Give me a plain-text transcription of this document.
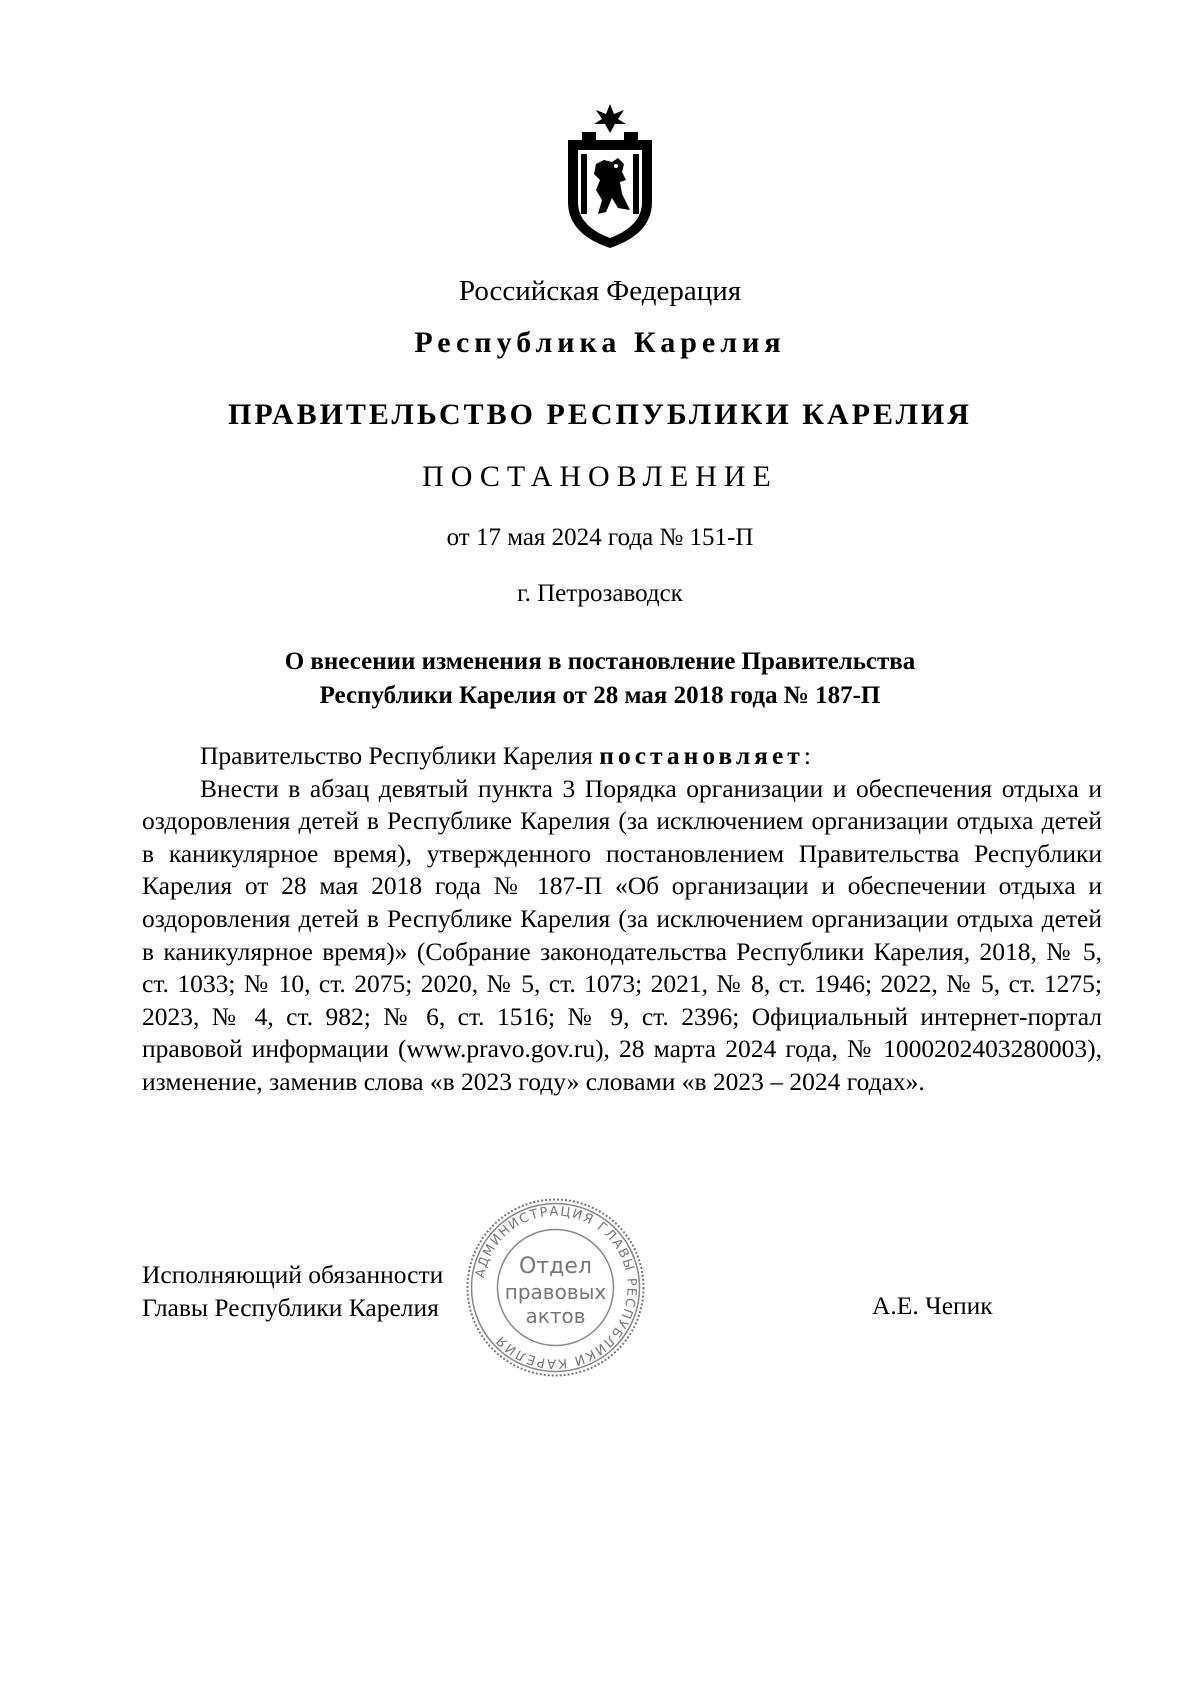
Российская Федерация
Республика Карелия
ПРАВИТЕЛЬСТВО РЕСПУБЛИКИ КАРЕЛИЯ
ПОСТАНОВЛЕНИЕ
от 17 мая 2024 года № 151-П
г. Петрозаводск
О внесении изменения в постановление Правительства
Республики Карелия от 28 мая 2018 года № 187-П

Правительство Республики Карелия постановляет:

Внести в абзац девятый пункта 3 Порядка организации и обеспечения отдыха и оздоровления детей в Республике Карелия (за исключением организации отдыха детей в каникулярное время), утвержденного постановлением Правительства Республики Карелия от 28 мая 2018 года № 187-П «Об организации и обеспечении отдыха и оздоровления детей в Республике Карелия (за исключением организации отдыха детей в каникулярное время)» (Собрание законодательства Республики Карелия, 2018, № 5, ст. 1033; № 10, ст. 2075; 2020, № 5, ст. 1073; 2021, № 8, ст. 1946; 2022, № 5, ст. 1275; 2023, № 4, ст. 982; № 6, ст. 1516; № 9, ст. 2396; Официальный интернет-портал правовой информации (www.pravo.gov.ru), 28 марта 2024 года, № 1000202403280003), изменение, заменив слова «в 2023 году» словами «в 2023 – 2024 годах».

Исполняющий обязанности
Главы Республики Карелия	А.Е. Чепик
АДМИНИСТРАЦИЯ ГЛАВЫ РЕСПУБЛИКИ КАРЕЛИЯ
Отдел
правовых
актов
